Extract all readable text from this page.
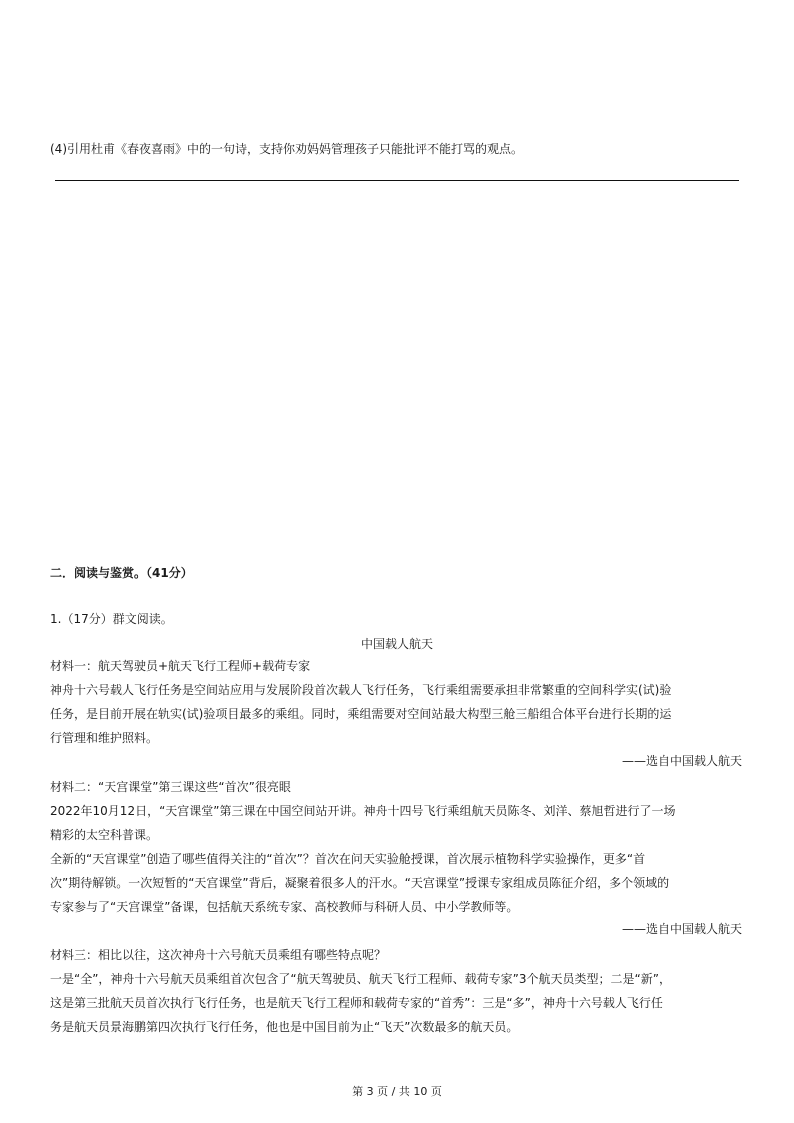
(4)引用杜甫《春夜喜雨》中的一句诗，支持你劝妈妈管理孩子只能批评不能打骂的观点。
二．阅读与鉴赏。（41分）
1.（17分）群文阅读。
中国载人航天
材料一：航天驾驶员+航天飞行工程师+载荷专家
神舟十六号载人飞行任务是空间站应用与发展阶段首次载人飞行任务，飞行乘组需要承担非常繁重的空间科学实(试)验
任务，是目前开展在轨实(试)验项目最多的乘组。同时，乘组需要对空间站最大构型三舱三船组合体平台进行长期的运
行管理和维护照料。
——选自中国载人航天
材料二：“天宫课堂”第三课这些“首次”很亮眼
2022年10月12日，“天宫课堂”第三课在中国空间站开讲。神舟十四号飞行乘组航天员陈冬、刘洋、蔡旭哲进行了一场
精彩的太空科普课。
全新的“天宫课堂”创造了哪些值得关注的“首次”？首次在问天实验舱授课，首次展示植物科学实验操作，更多“首
次”期待解锁。一次短暂的“天宫课堂”背后，凝聚着很多人的汗水。“天宫课堂”授课专家组成员陈征介绍，多个领域的
专家参与了“天宫课堂”备课，包括航天系统专家、高校教师与科研人员、中小学教师等。
——选自中国载人航天
材料三：相比以往，这次神舟十六号航天员乘组有哪些特点呢？
一是“全”，神舟十六号航天员乘组首次包含了“航天驾驶员、航天飞行工程师、载荷专家”3个航天员类型；二是“新”，
这是第三批航天员首次执行飞行任务，也是航天飞行工程师和载荷专家的“首秀”：三是“多”，神舟十六号载人飞行任
务是航天员景海鹏第四次执行飞行任务，他也是中国目前为止“飞天”次数最多的航天员。
第 3 页 / 共 10 页
